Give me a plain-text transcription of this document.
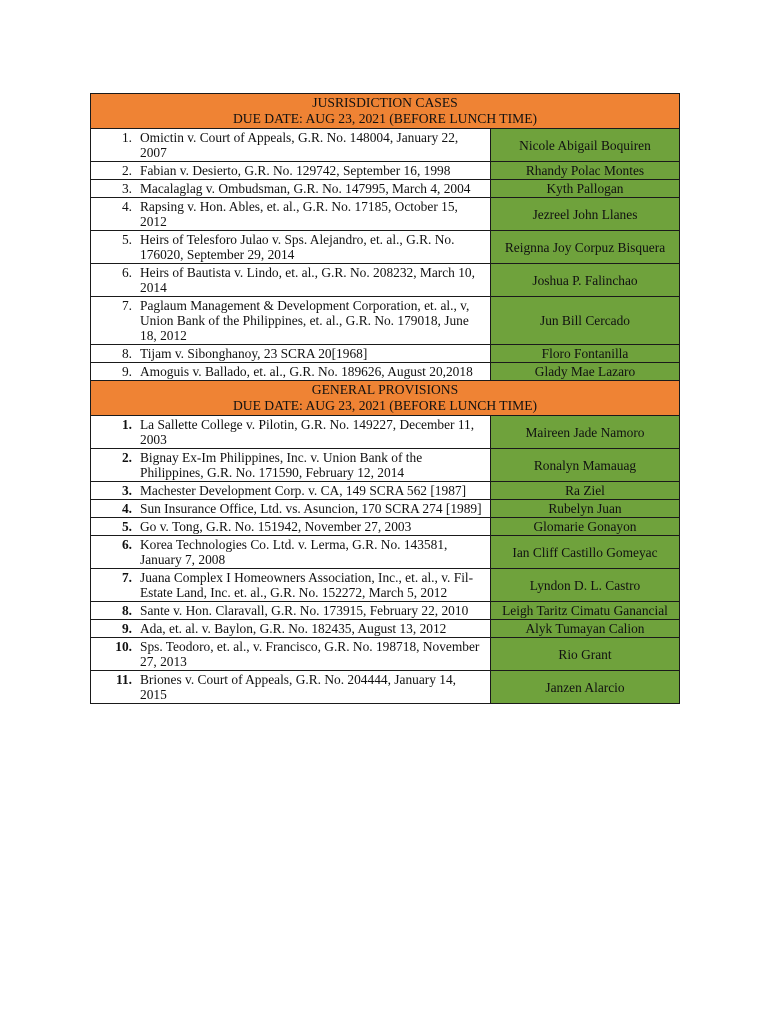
JUSRISDICTION CASES
DUE DATE: AUG 23, 2021 (BEFORE LUNCH TIME)	

1. Omictin v. Court of Appeals, G.R. No. 148004, January 22, 2007	Nicole Abigail Boquiren

2. Fabian v. Desierto, G.R. No. 129742, September 16, 1998	Rhandy Polac Montes

3. Macalaglag v. Ombudsman, G.R. No. 147995, March 4, 2004	Kyth Pallogan

4. Rapsing v. Hon. Ables, et. al., G.R. No. 17185, October 15, 2012	Jezreel John Llanes

5. Heirs of Telesforo Julao v. Sps. Alejandro, et. al., G.R. No. 176020, September 29, 2014	Reignna Joy Corpuz Bisquera

6. Heirs of Bautista v. Lindo, et. al., G.R. No. 208232, March 10, 2014	Joshua P. Falinchao

7. Paglaum Management & Development Corporation, et. al., v, Union Bank of the Philippines, et. al., G.R. No. 179018, June 18, 2012	Jun Bill Cercado

8. Tijam v. Sibonghanoy, 23 SCRA 20[1968]	Floro Fontanilla

9. Amoguis v. Ballado, et. al., G.R. No. 189626, August 20,2018	Glady Mae Lazaro

GENERAL PROVISIONS
DUE DATE: AUG 23, 2021 (BEFORE LUNCH TIME)	

1. La Sallette College v. Pilotin, G.R. No. 149227, December 11, 2003	Maireen Jade Namoro

2. Bignay Ex-Im Philippines, Inc. v. Union Bank of the Philippines, G.R. No. 171590, February 12, 2014	Ronalyn Mamauag

3. Machester Development Corp. v. CA, 149 SCRA 562 [1987]	Ra Ziel

4. Sun Insurance Office, Ltd. vs. Asuncion, 170 SCRA 274 [1989]	Rubelyn Juan

5. Go v. Tong, G.R. No. 151942, November 27, 2003	Glomarie Gonayon

6. Korea Technologies Co. Ltd. v. Lerma, G.R. No. 143581, January 7, 2008	Ian Cliff Castillo Gomeyac

7. Juana Complex I Homeowners Association, Inc., et. al., v. Fil-Estate Land, Inc. et. al., G.R. No. 152272, March 5, 2012	Lyndon D. L. Castro

8. Sante v. Hon. Claravall, G.R. No. 173915, February 22, 2010	Leigh Taritz Cimatu Ganancial

9. Ada, et. al. v. Baylon, G.R. No. 182435, August 13, 2012	Alyk Tumayan Calion

10. Sps. Teodoro, et. al., v. Francisco, G.R. No. 198718, November 27, 2013	Rio Grant

11. Briones v. Court of Appeals, G.R. No. 204444, January 14, 2015	Janzen Alarcio
